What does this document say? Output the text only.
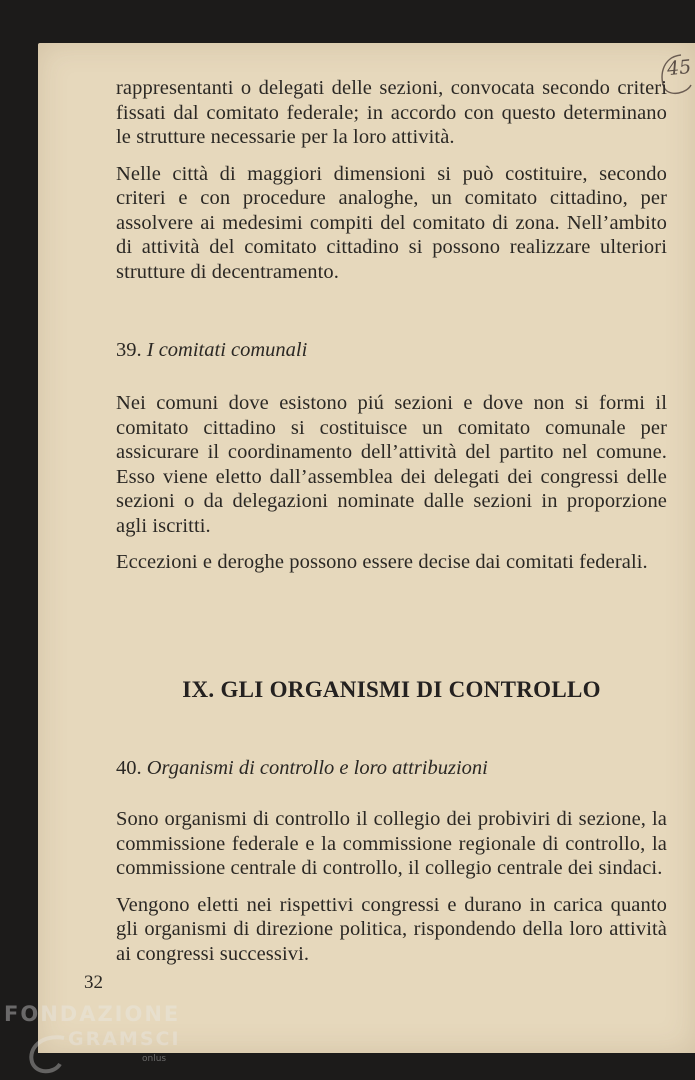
45

rappresentanti o delegati delle sezioni, convocata secondo criteri fissati dal comitato federale; in accordo con questo determinano le strutture necessarie per la loro attività.

Nelle città di maggiori dimensioni si può costituire, secondo criteri e con procedure analoghe, un comitato cittadino, per assolvere ai medesimi compiti del comitato di zona. Nell’ambito di attività del comitato cittadino si possono realizzare ulteriori strutture di decentramento.

39. I comitati comunali

Nei comuni dove esistono piú sezioni e dove non si formi il comitato cittadino si costituisce un comitato comunale per assicurare il coordinamento dell’attività del partito nel comune. Esso viene eletto dall’assemblea dei delegati dei congressi delle sezioni o da delegazioni nominate dalle sezioni in proporzione agli iscritti.

Eccezioni e deroghe possono essere decise dai comitati federali.

IX. GLI ORGANISMI DI CONTROLLO
40. Organismi di controllo e loro attribuzioni

Sono organismi di controllo il collegio dei probiviri di sezione, la commissione federale e la commissione regionale di controllo, la commissione centrale di controllo, il collegio centrale dei sindaci.

Vengono eletti nei rispettivi congressi e durano in carica quanto gli organismi di direzione politica, rispondendo della loro attività ai congressi successivi.

32
FONDAZIONE
GRAMSCI
onlus
